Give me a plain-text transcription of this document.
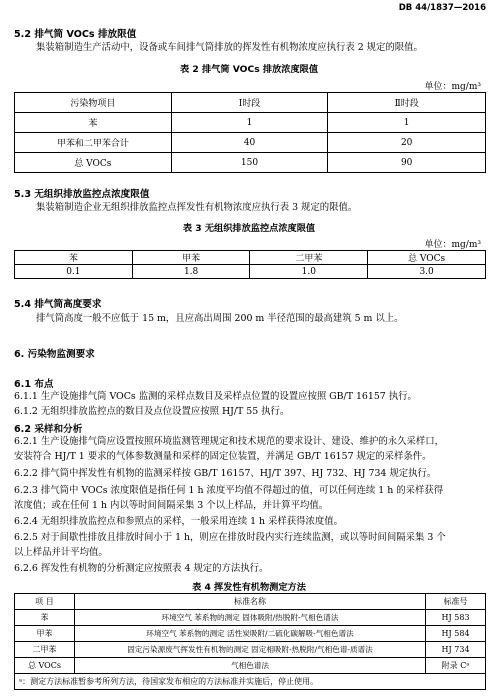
DB 44/1837—2016
5.2 排气筒 VOCs 排放限值
集装箱制造生产活动中，设备或车间排气筒排放的挥发性有机物浓度应执行表 2 规定的限值。
表 2 排气筒 VOCs 排放浓度限值
单位：mg/m³
污染物项目	Ⅰ时段	Ⅱ时段
苯	1	1
甲苯和二甲苯合计	40	20
总 VOCs	150	90
5.3 无组织排放监控点浓度限值
集装箱制造企业无组织排放监控点挥发性有机物浓度应执行表 3 规定的限值。
表 3 无组织排放监控点浓度限值
单位：mg/m³
苯	甲苯	二甲苯	总 VOCs
0.1	1.8	1.0	3.0
5.4 排气筒高度要求
排气筒高度一般不应低于 15 m，且应高出周围 200 m 半径范围的最高建筑 5 m 以上。
6. 污染物监测要求
6.1 布点
6.1.1 生产设施排气筒 VOCs 监测的采样点数目及采样点位置的设置应按照 GB/T 16157 执行。
6.1.2 无组织排放监控点的数目及点位设置应按照 HJ/T 55 执行。
6.2 采样和分析
6.2.1 生产设施排气筒应设置按照环境监测管理规定和技术规范的要求设计、建设、维护的永久采样口，
安装符合 HJ/T 1 要求的气体参数测量和采样的固定位装置，并满足 GB/T 16157 规定的采样条件。
6.2.2 排气筒中挥发性有机物的监测采样按 GB/T 16157、HJ/T 397、HJ 732、HJ 734 规定执行。
6.2.3 排气筒中 VOCs 浓度限值是指任何 1 h 浓度平均值不得超过的值，可以任何连续 1 h 的采样获得
浓度值；或在任何 1 h 内以等时间间隔采集 3 个以上样品，并计算平均值。
6.2.4 无组织排放监控点和参照点的采样，一般采用连续 1 h 采样获得浓度值。
6.2.5 对于间歇性排放且排放时间小于 1 h，则应在排放时段内实行连续监测，或以等时间间隔采集 3 个
以上样品并计平均值。
6.2.6 挥发性有机物的分析测定应按照表 4 规定的方法执行。
表 4 挥发性有机物测定方法
项 目	标准名称	标准号
苯	环境空气 苯系物的测定 固体吸附/热脱附-气相色谱法	HJ 583
甲苯	环境空气 苯系物的测定 活性炭吸附/二硫化碳解吸-气相色谱法	HJ 584
二甲苯	固定污染源废气挥发性有机物的测定 固定相吸附-热脱附/气相色谱-质谱法	HJ 734
总 VOCs	气相色谱法	附录 Cᵃ
ᵃ：测定方法标准暂参考所列方法，待国家发布相应的方法标准并实施后，停止使用。		
